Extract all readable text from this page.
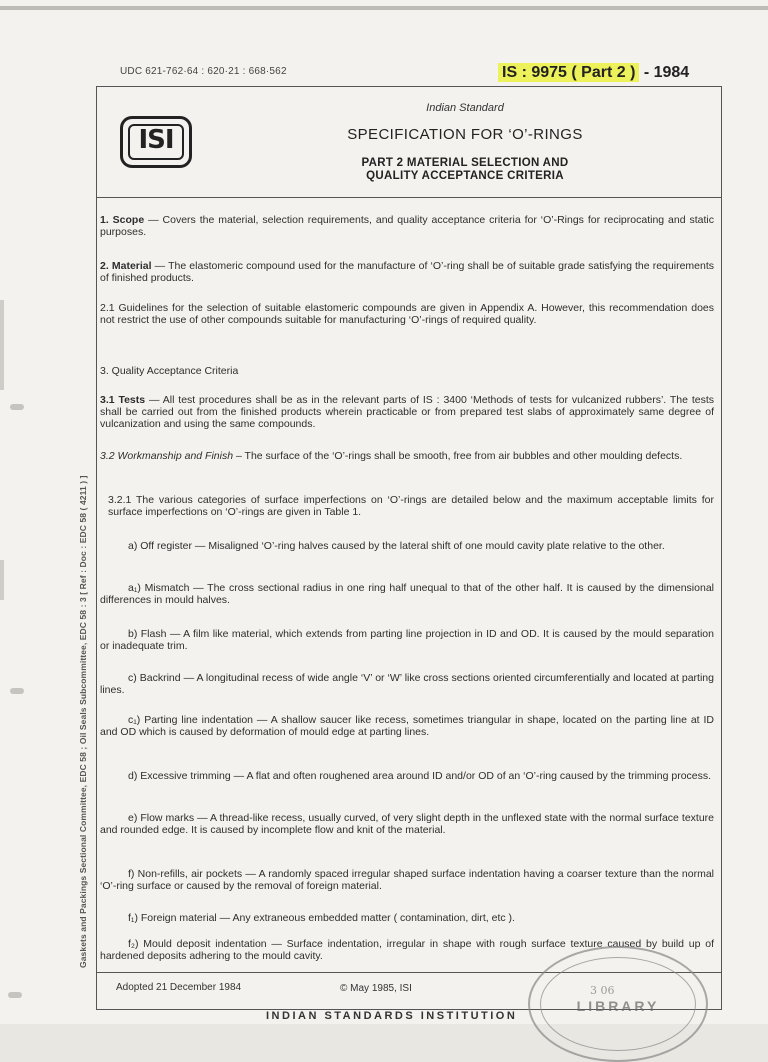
UDC 621-762·64 : 620·21 : 668·562	IS : 9975 ( Part 2 ) - 1984
ISI
Indian Standard
SPECIFICATION FOR ‘O’-RINGS
PART 2 MATERIAL SELECTION AND
QUALITY ACCEPTANCE CRITERIA
Gaskets and Packings Sectional Committee, EDC 58 ; Oil Seals Subcommittee, EDC 58 : 3 [ Ref : Doc : EDC 58 ( 4211 ) ]
1. Scope — Covers the material, selection requirements, and quality acceptance criteria for ‘O’-Rings for reciprocating and static purposes.
2. Material — The elastomeric compound used for the manufacture of ‘O’-ring shall be of suitable grade satisfying the requirements of finished products.
2.1 Guidelines for the selection of suitable elastomeric compounds are given in Appendix A. However, this recommendation does not restrict the use of other compounds suitable for manufacturing ‘O’-rings of required quality.
3. Quality Acceptance Criteria
3.1 Tests — All test procedures shall be as in the relevant parts of IS : 3400 ‘Methods of tests for vulcanized rubbers’. The tests shall be carried out from the finished products wherein practicable or from prepared test slabs of approximately same degree of vulcanization and using the same compounds.
3.2 Workmanship and Finish – The surface of the ‘O’-rings shall be smooth, free from air bubbles and other moulding defects.
3.2.1 The various categories of surface imperfections on ‘O’-rings are detailed below and the maximum acceptable limits for surface imperfections on ‘O’-rings are given in Table 1.
a) Off register — Misaligned ‘O’-ring halves caused by the lateral shift of one mould cavity plate relative to the other.
a₁) Mismatch — The cross sectional radius in one ring half unequal to that of the other half. It is caused by the dimensional differences in mould halves.
b) Flash — A film like material, which extends from parting line projection in ID and OD. It is caused by the mould separation or inadequate trim.
c) Backrind — A longitudinal recess of wide angle ‘V’ or ‘W’ like cross sections oriented circumferentially and located at parting lines.
c₁) Parting line indentation — A shallow saucer like recess, sometimes triangular in shape, located on the parting line at ID and OD which is caused by deformation of mould edge at parting lines.
d) Excessive trimming — A flat and often roughened area around ID and/or OD of an ‘O’-ring caused by the trimming process.
e) Flow marks — A thread-like recess, usually curved, of very slight depth in the unflexed state with the normal surface texture and rounded edge. It is caused by incomplete flow and knit of the material.
f) Non-refills, air pockets — A randomly spaced irregular shaped surface indentation having a coarser texture than the normal ‘O’-ring surface or caused by the removal of foreign material.
f₁) Foreign material — Any extraneous embedded matter ( contamination, dirt, etc ).
f₂) Mould deposit indentation — Surface indentation, irregular in shape with rough surface texture caused by build up of hardened deposits adhering to the mould cavity.
Adopted 21 December 1984	© May 1985, ISI
INDIAN STANDARDS INSTITUTION
3 06
LIBRARY
